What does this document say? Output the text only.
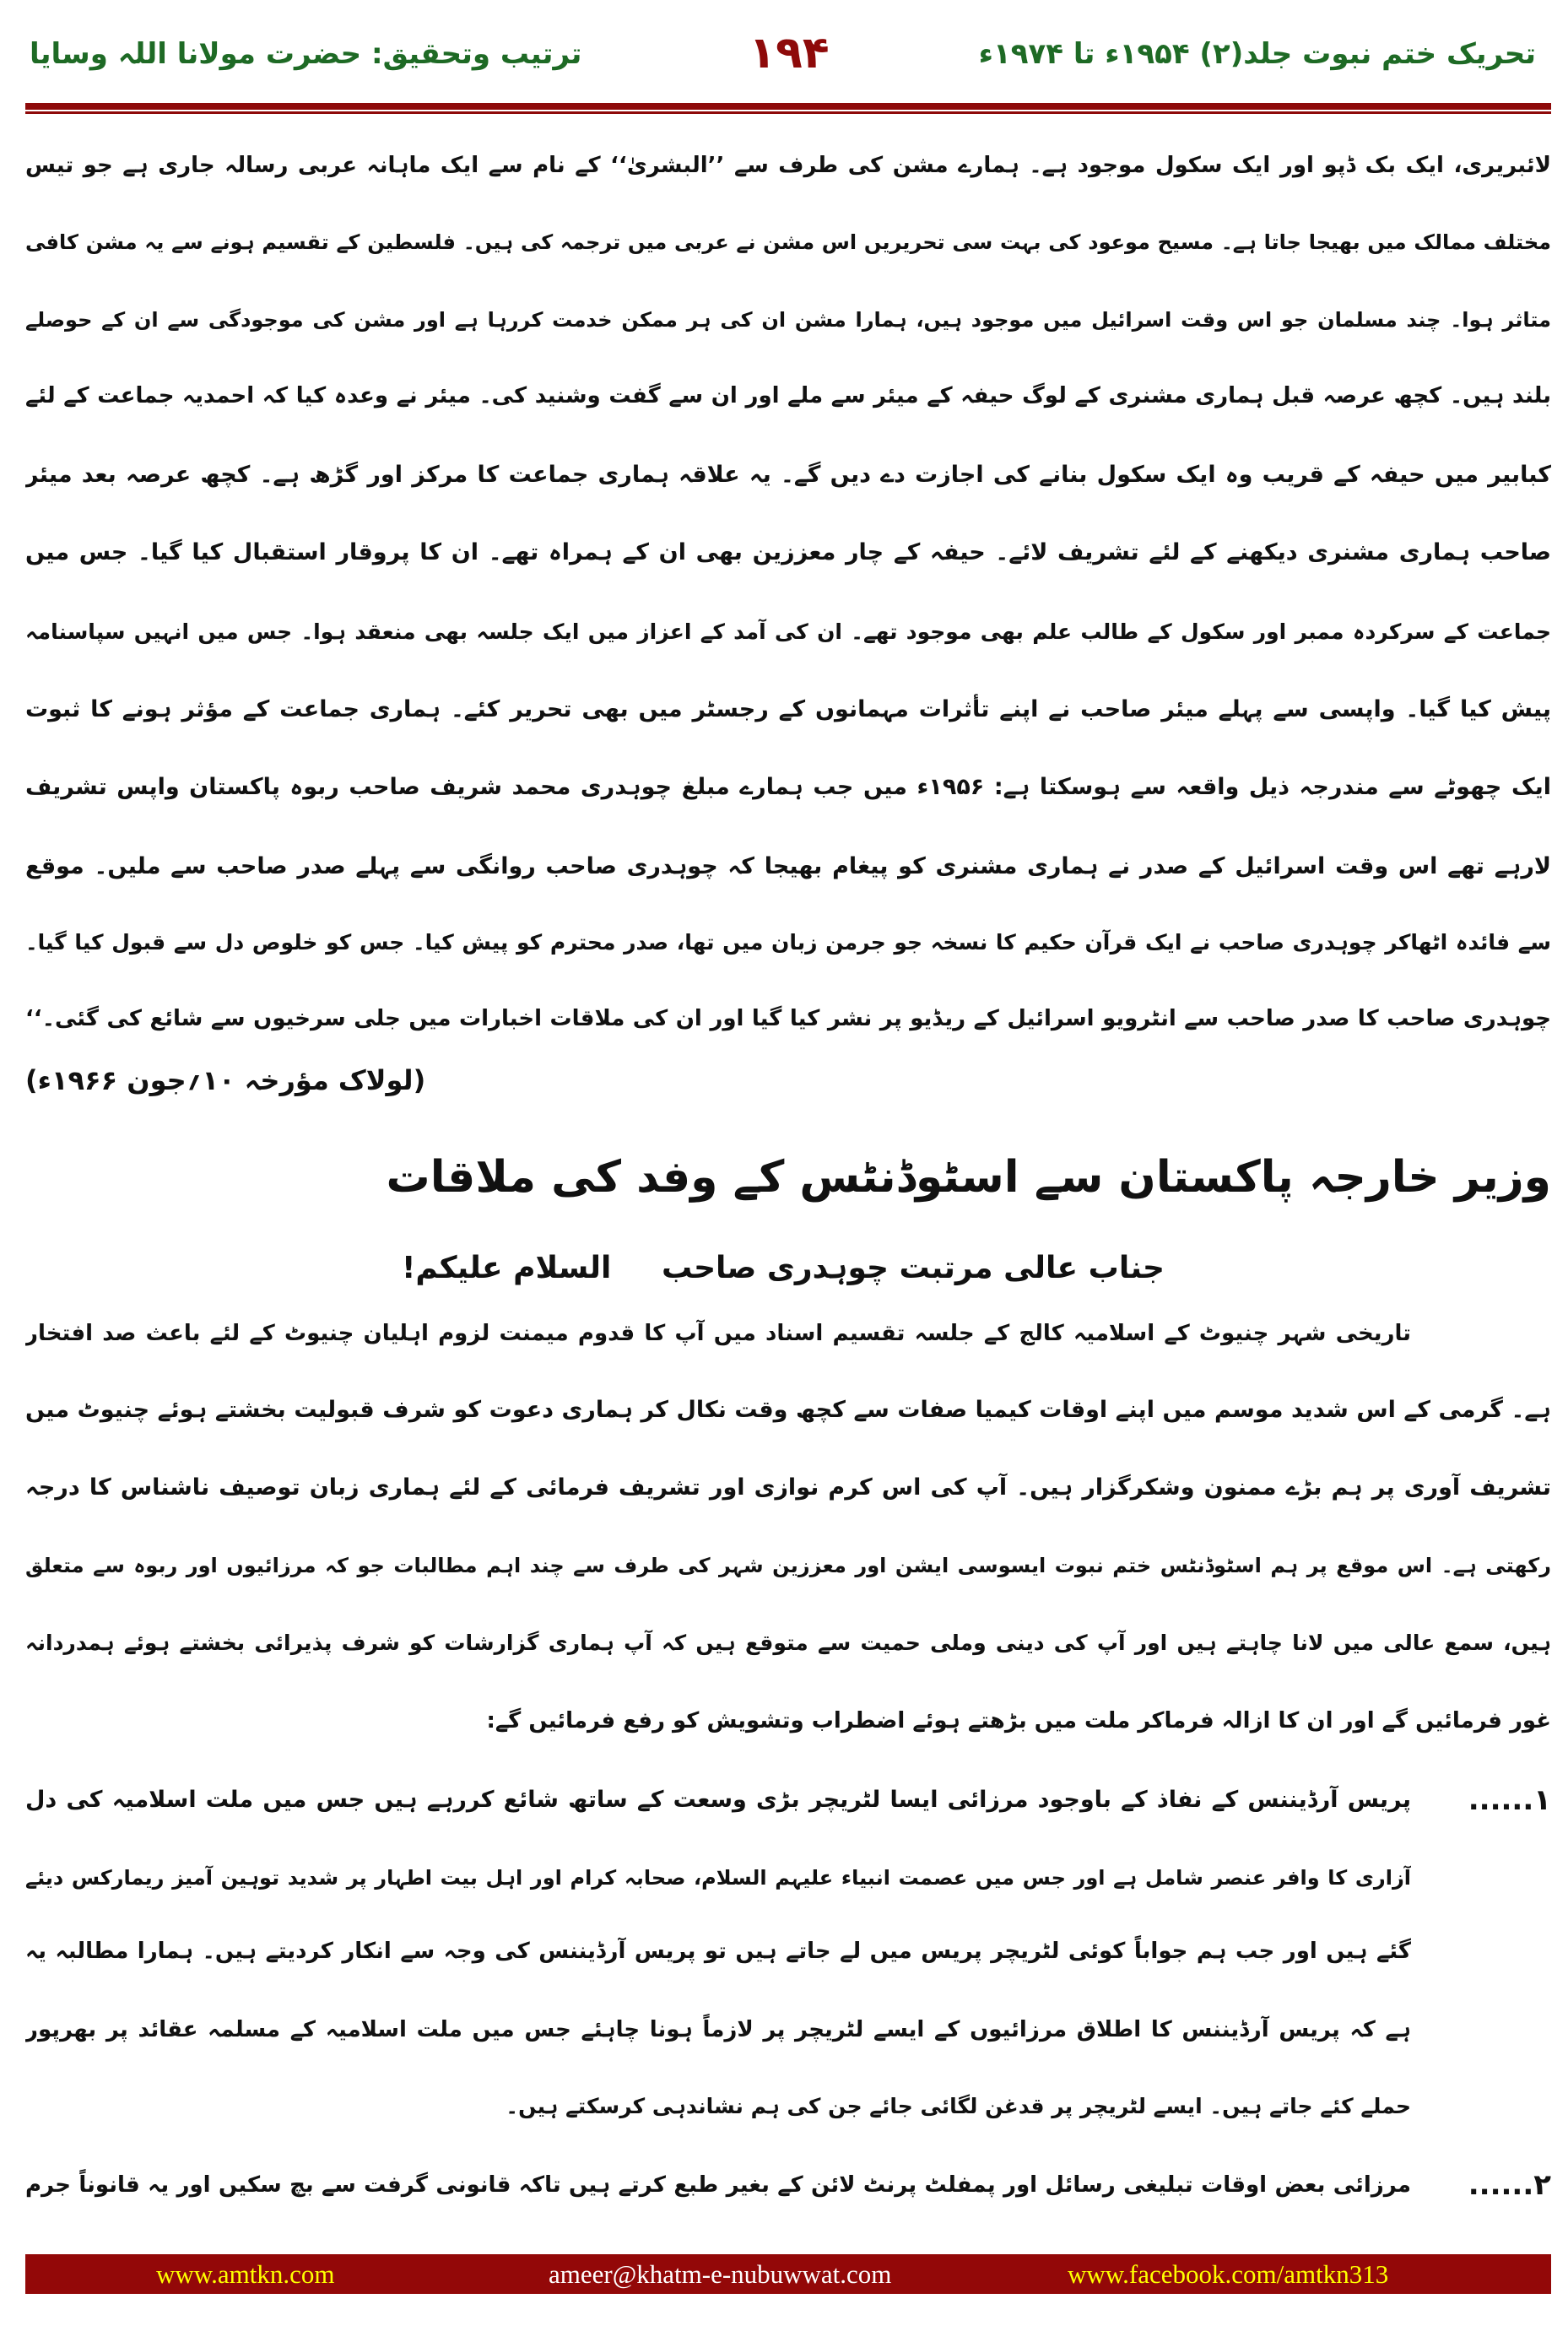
تحریک ختم نبوت جلد(۲) ۱۹۵۴ء تا ۱۹۷۴ء
۱۹۴
ترتیب وتحقیق: حضرت مولانا اللہ وسایا
لائبریری، ایک بک ڈپو اور ایک سکول موجود ہے۔ ہمارے مشن کی طرف سے ’’البشریٰ‘‘ کے نام سے ایک ماہانہ عربی رسالہ جاری ہے جو تیس
مختلف ممالک میں بھیجا جاتا ہے۔ مسیح موعود کی بہت سی تحریریں اس مشن نے عربی میں ترجمہ کی ہیں۔ فلسطین کے تقسیم ہونے سے یہ مشن کافی
متاثر ہوا۔ چند مسلمان جو اس وقت اسرائیل میں موجود ہیں، ہمارا مشن ان کی ہر ممکن خدمت کررہا ہے اور مشن کی موجودگی سے ان کے حوصلے
بلند ہیں۔ کچھ عرصہ قبل ہماری مشنری کے لوگ حیفہ کے میئر سے ملے اور ان سے گفت وشنید کی۔ میئر نے وعدہ کیا کہ احمدیہ جماعت کے لئے
کبابیر میں حیفہ کے قریب وہ ایک سکول بنانے کی اجازت دے دیں گے۔ یہ علاقہ ہماری جماعت کا مرکز اور گڑھ ہے۔ کچھ عرصہ بعد میئر
صاحب ہماری مشنری دیکھنے کے لئے تشریف لائے۔ حیفہ کے چار معززین بھی ان کے ہمراہ تھے۔ ان کا پروقار استقبال کیا گیا۔ جس میں
جماعت کے سرکردہ ممبر اور سکول کے طالب علم بھی موجود تھے۔ ان کی آمد کے اعزاز میں ایک جلسہ بھی منعقد ہوا۔ جس میں انہیں سپاسنامہ
پیش کیا گیا۔ واپسی سے پہلے میئر صاحب نے اپنے تأثرات مہمانوں کے رجسٹر میں بھی تحریر کئے۔ ہماری جماعت کے مؤثر ہونے کا ثبوت
ایک چھوٹے سے مندرجہ ذیل واقعہ سے ہوسکتا ہے: ۱۹۵۶ء میں جب ہمارے مبلغ چوہدری محمد شریف صاحب ربوہ پاکستان واپس تشریف
لارہے تھے اس وقت اسرائیل کے صدر نے ہماری مشنری کو پیغام بھیجا کہ چوہدری صاحب روانگی سے پہلے صدر صاحب سے ملیں۔ موقع
سے فائدہ اٹھاکر چوہدری صاحب نے ایک قرآن حکیم کا نسخہ جو جرمن زبان میں تھا، صدر محترم کو پیش کیا۔ جس کو خلوص دل سے قبول کیا گیا۔
چوہدری صاحب کا صدر صاحب سے انٹرویو اسرائیل کے ریڈیو پر نشر کیا گیا اور ان کی ملاقات اخبارات میں جلی سرخیوں سے شائع کی گئی۔‘‘
(لولاک مؤرخہ ۱۰؍جون ۱۹۶۶ء)
وزیر خارجہ پاکستان سے اسٹوڈنٹس کے وفد کی ملاقات
جناب عالی مرتبت چوہدری صاحب
السلام علیکم!
تاریخی شہر چنیوٹ کے اسلامیہ کالج کے جلسہ تقسیم اسناد میں آپ کا قدوم میمنت لزوم اہلیان چنیوٹ کے لئے باعث صد افتخار
ہے۔ گرمی کے اس شدید موسم میں اپنے اوقات کیمیا صفات سے کچھ وقت نکال کر ہماری دعوت کو شرف قبولیت بخشتے ہوئے چنیوٹ میں
تشریف آوری پر ہم بڑے ممنون وشکرگزار ہیں۔ آپ کی اس کرم نوازی اور تشریف فرمائی کے لئے ہماری زبان توصیف ناشناس کا درجہ
رکھتی ہے۔ اس موقع پر ہم اسٹوڈنٹس ختم نبوت ایسوسی ایشن اور معززین شہر کی طرف سے چند اہم مطالبات جو کہ مرزائیوں اور ربوہ سے متعلق
ہیں، سمع عالی میں لانا چاہتے ہیں اور آپ کی دینی وملی حمیت سے متوقع ہیں کہ آپ ہماری گزارشات کو شرف پذیرائی بخشتے ہوئے ہمدردانہ
غور فرمائیں گے اور ان کا ازالہ فرماکر ملت میں بڑھتے ہوئے اضطراب وتشویش کو رفع فرمائیں گے:
۱......
پریس آرڈیننس کے نفاذ کے باوجود مرزائی ایسا لٹریچر بڑی وسعت کے ساتھ شائع کررہے ہیں جس میں ملت اسلامیہ کی دل
آزاری کا وافر عنصر شامل ہے اور جس میں عصمت انبیاء علیہم السلام، صحابہ کرام اور اہل بیت اطہار پر شدید توہین آمیز ریمارکس دیئے
گئے ہیں اور جب ہم جواباً کوئی لٹریچر پریس میں لے جاتے ہیں تو پریس آرڈیننس کی وجہ سے انکار کردیتے ہیں۔ ہمارا مطالبہ یہ
ہے کہ پریس آرڈیننس کا اطلاق مرزائیوں کے ایسے لٹریچر پر لازماً ہونا چاہئے جس میں ملت اسلامیہ کے مسلمہ عقائد پر بھرپور
حملے کئے جاتے ہیں۔ ایسے لٹریچر پر قدغن لگائی جائے جن کی ہم نشاندہی کرسکتے ہیں۔
۲......
مرزائی بعض اوقات تبلیغی رسائل اور پمفلٹ پرنٹ لائن کے بغیر طبع کرتے ہیں تاکہ قانونی گرفت سے بچ سکیں اور یہ قانوناً جرم
www.amtkn.com	ameer@khatm-e-nubuwwat.com	www.facebook.com/amtkn313
